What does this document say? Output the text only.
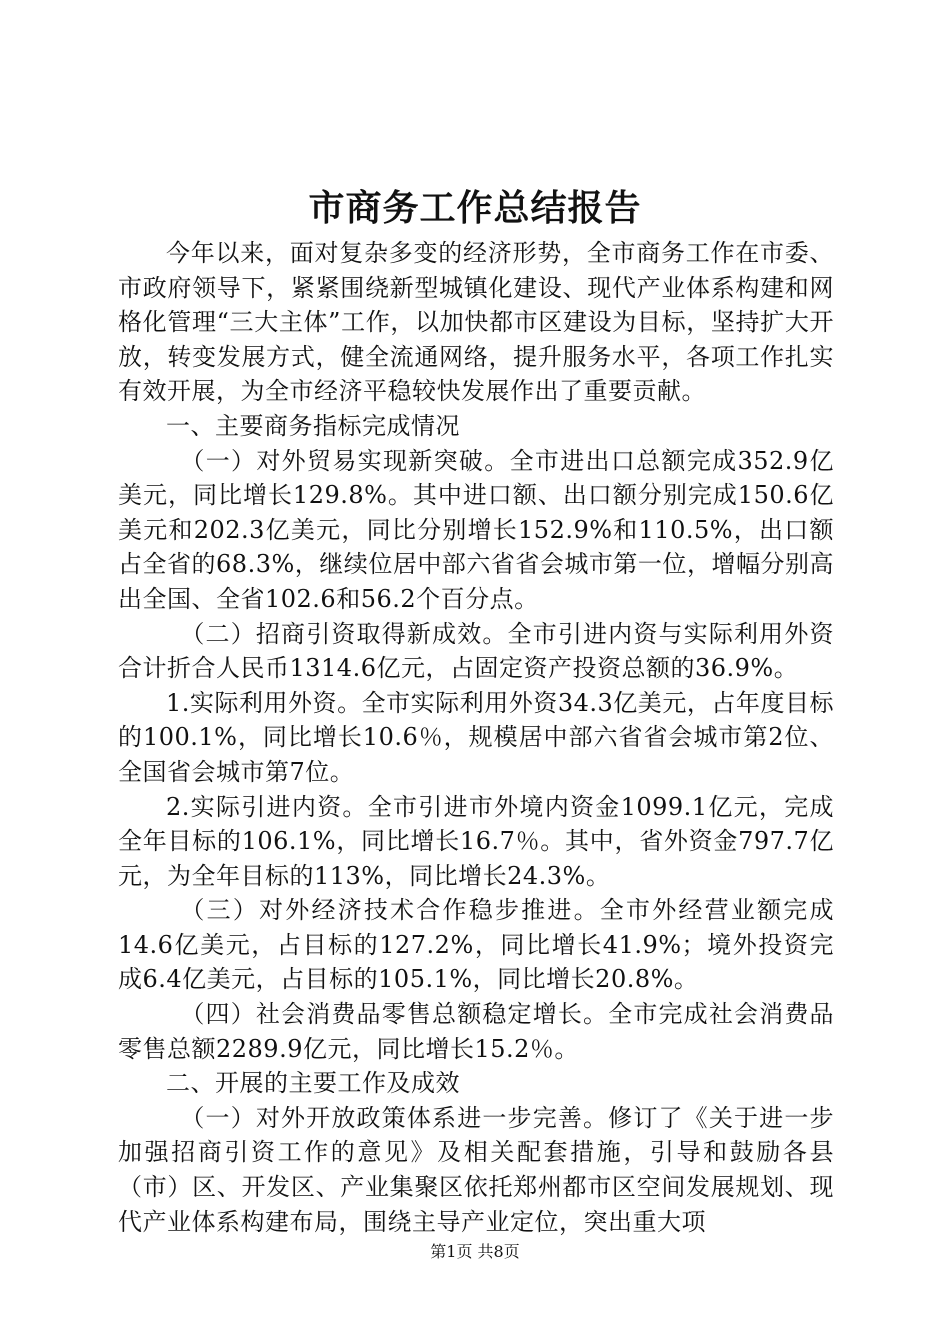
市商务工作总结报告

今年以来，面对复杂多变的经济形势，全市商务工作在市委、市政府领导下，紧紧围绕新型城镇化建设、现代产业体系构建和网格化管理“三大主体”工作，以加快都市区建设为目标，坚持扩大开放，转变发展方式，健全流通网络，提升服务水平，各项工作扎实有效开展，为全市经济平稳较快发展作出了重要贡献。

一、主要商务指标完成情况

（一）对外贸易实现新突破。全市进出口总额完成352.9亿美元，同比增长129.8%。其中进口额、出口额分别完成150.6亿美元和202.3亿美元，同比分别增长152.9%和110.5%，出口额占全省的68.3%，继续位居中部六省省会城市第一位，增幅分别高出全国、全省102.6和56.2个百分点。

（二）招商引资取得新成效。全市引进内资与实际利用外资合计折合人民币1314.6亿元，占固定资产投资总额的36.9%。

1.实际利用外资。全市实际利用外资34.3亿美元，占年度目标的100.1%，同比增长10.6％，规模居中部六省省会城市第2位、全国省会城市第7位。

2.实际引进内资。全市引进市外境内资金1099.1亿元，完成全年目标的106.1%，同比增长16.7％。其中，省外资金797.7亿元，为全年目标的113%，同比增长24.3%。

（三）对外经济技术合作稳步推进。全市外经营业额完成14.6亿美元，占目标的127.2%，同比增长41.9%；境外投资完成6.4亿美元，占目标的105.1%，同比增长20.8%。

（四）社会消费品零售总额稳定增长。全市完成社会消费品零售总额2289.9亿元，同比增长15.2％。

二、开展的主要工作及成效

（一）对外开放政策体系进一步完善。修订了《关于进一步加强招商引资工作的意见》及相关配套措施，引导和鼓励各县（市）区、开发区、产业集聚区依托郑州都市区空间发展规划、现代产业体系构建布局，围绕主导产业定位，突出重大项

第1页 共8页
